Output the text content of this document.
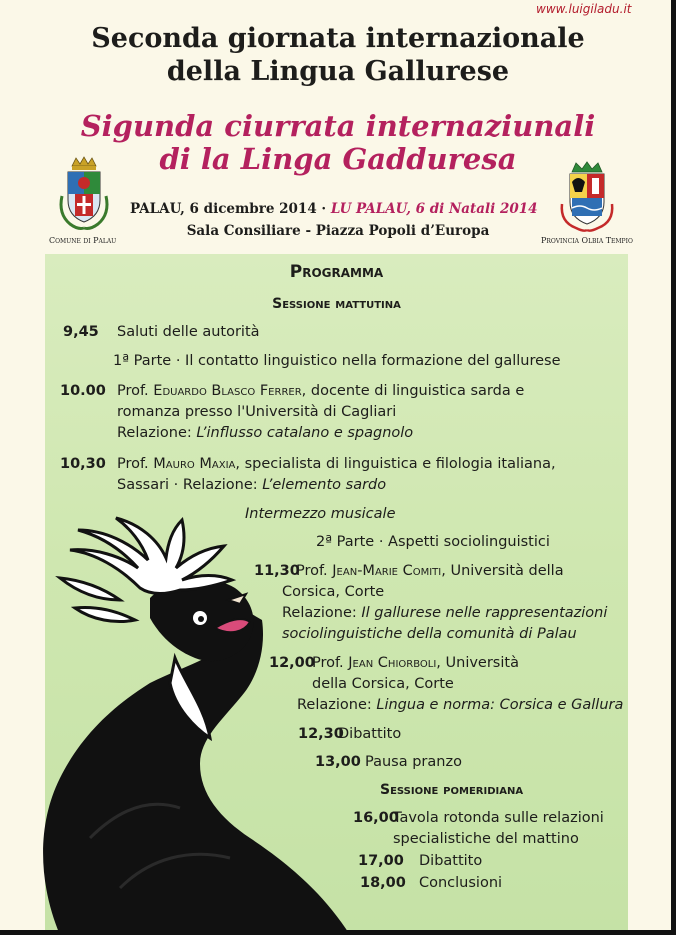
www.luigiladu.it
Seconda giornata internazionale
della Lingua Gallurese
Sigunda ciurrata internaziunali
di la Linga Gadduresa
Comune di Palau	Provincia Olbia Tempio
PALAU, 6 dicembre 2014 · LU PALAU, 6 di Natali 2014
Sala Consiliare - Piazza Popoli d’Europa
Programma
Sessione mattutina
9,45 Saluti delle autorità
1ª Parte · Il contatto linguistico nella formazione del gallurese
10.00 Prof. Eduardo Blasco Ferrer, docente di linguistica sarda e
romanza presso l'Università di Cagliari
Relazione: L’influsso catalano e spagnolo
10,30 Prof. Mauro Maxia, specialista di linguistica e filologia italiana,
Sassari · Relazione: L’elemento sardo
Intermezzo musicale
2ª Parte · Aspetti sociolinguistici
11,30
Prof. Jean-Marie Comiti, Università della
Corsica, Corte
Relazione: Il gallurese nelle rappresentazioni
sociolinguistiche della comunità di Palau
12,00
Prof. Jean Chiorboli, Università
della Corsica, Corte
Relazione: Lingua e norma: Corsica e Gallura
12,30
Dibattito
13,00 Pausa pranzo
Sessione pomeridiana
16,00
Tavola rotonda sulle relazioni
specialistiche del mattino
17,00 Dibattito
18,00 Conclusioni
